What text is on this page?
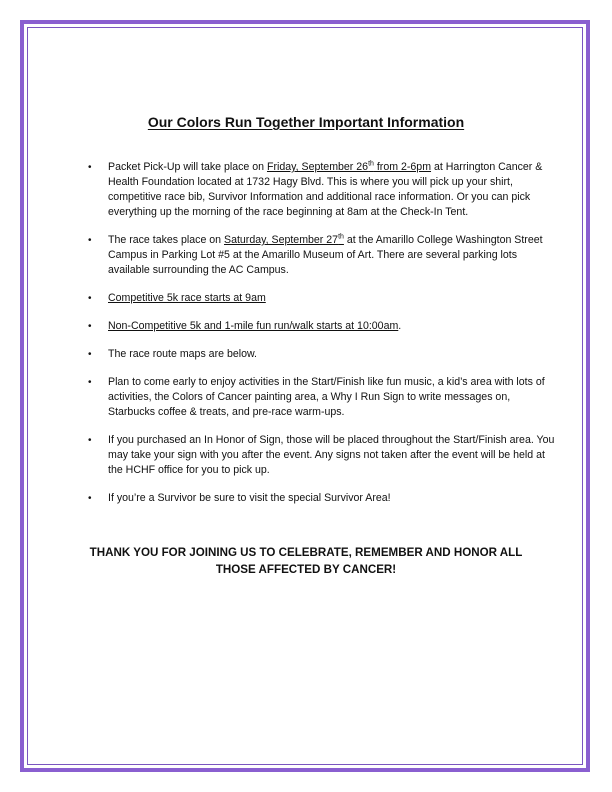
Our Colors Run Together Important Information
• Packet Pick-Up will take place on Friday, September 26th from 2-6pm at Harrington Cancer & Health Foundation located at 1732 Hagy Blvd. This is where you will pick up your shirt, competitive race bib, Survivor Information and additional race information. Or you can pick everything up the morning of the race beginning at 8am at the Check-In Tent.
• The race takes place on Saturday, September 27th at the Amarillo College Washington Street Campus in Parking Lot #5 at the Amarillo Museum of Art. There are several parking lots available surrounding the AC Campus.
• Competitive 5k race starts at 9am
• Non-Competitive 5k and 1-mile fun run/walk starts at 10:00am.
• The race route maps are below.
• Plan to come early to enjoy activities in the Start/Finish like fun music, a kid’s area with lots of activities, the Colors of Cancer painting area, a Why I Run Sign to write messages on, Starbucks coffee & treats, and pre-race warm-ups.
• If you purchased an In Honor of Sign, those will be placed throughout the Start/Finish area. You may take your sign with you after the event. Any signs not taken after the event will be held at the HCHF office for you to pick up.
• If you’re a Survivor be sure to visit the special Survivor Area!
THANK YOU FOR JOINING US TO CELEBRATE, REMEMBER AND HONOR ALL
THOSE AFFECTED BY CANCER!
